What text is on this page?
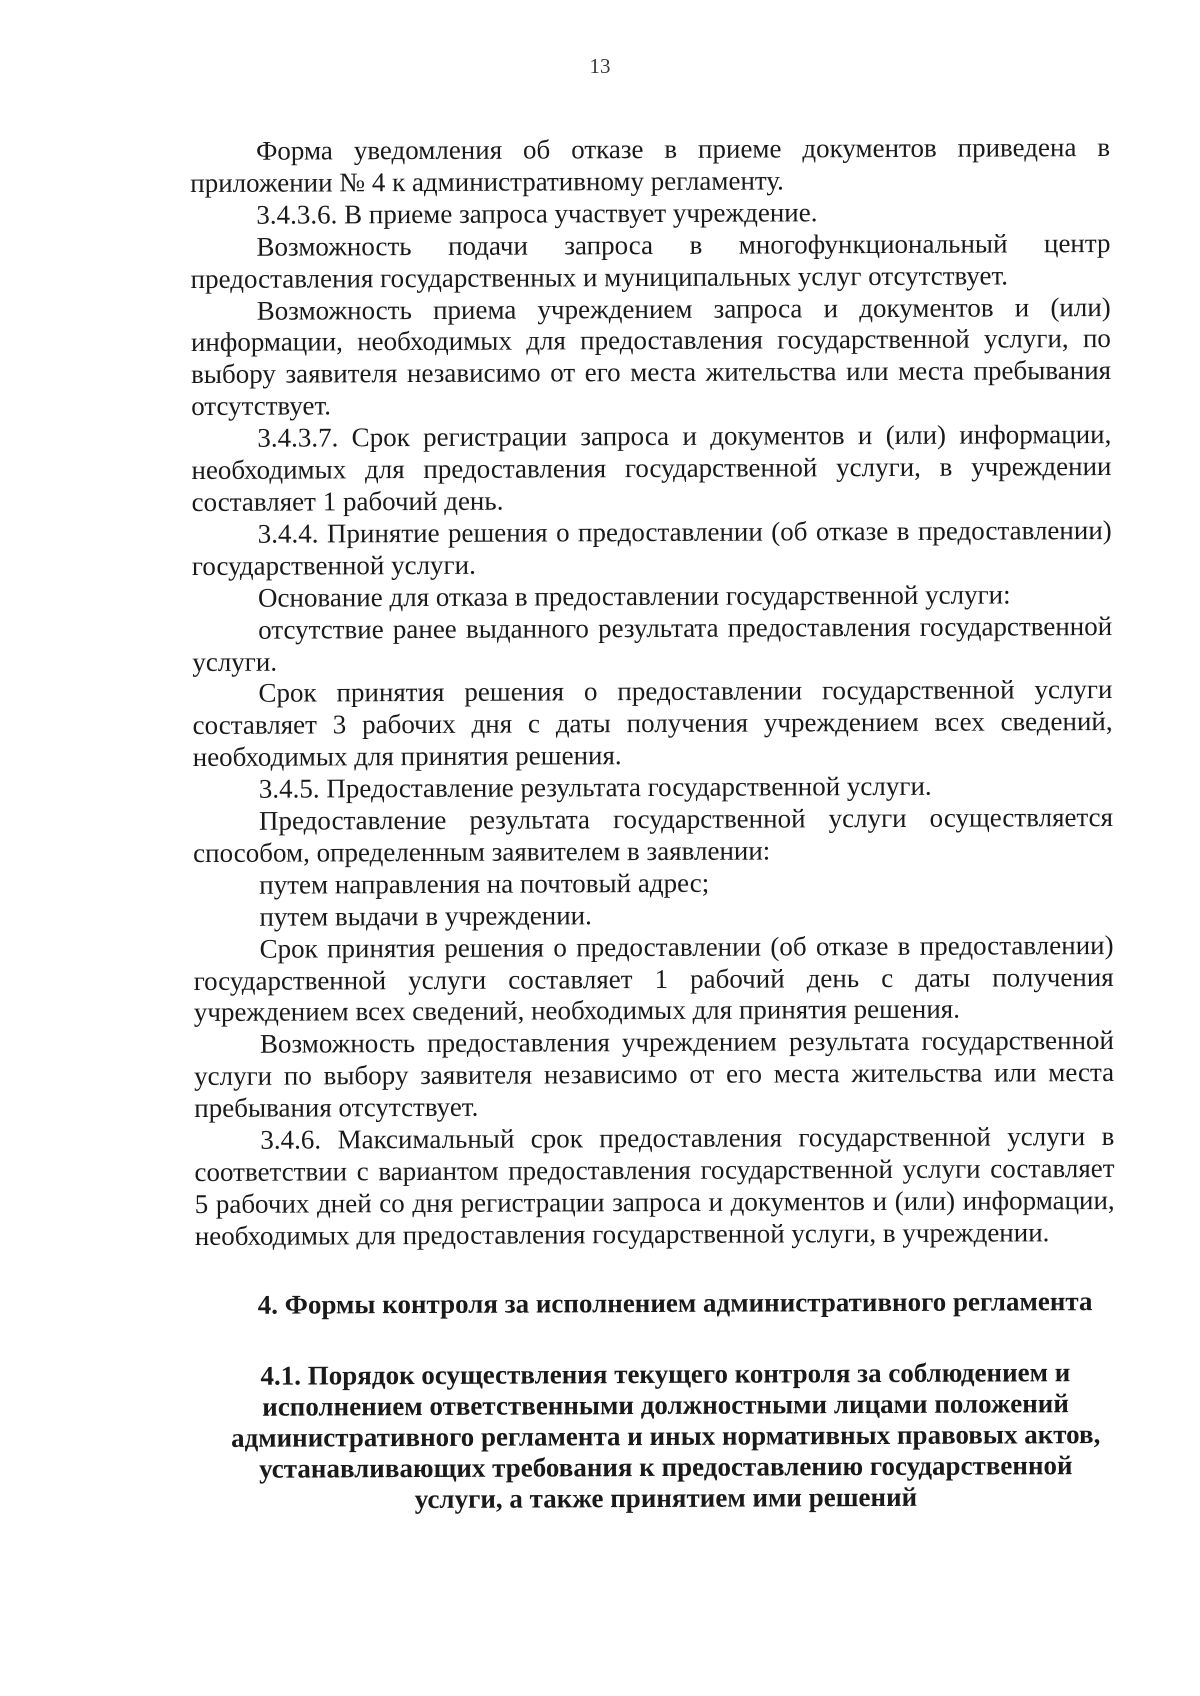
13

Форма уведомления об отказе в приеме документов приведена в приложении № 4 к административному регламенту.

3.4.3.6. В приеме запроса участвует учреждение.

Возможность подачи запроса в многофункциональный центр предоставления государственных и муниципальных услуг отсутствует.

Возможность приема учреждением запроса и документов и (или) информации, необходимых для предоставления государственной услуги, по выбору заявителя независимо от его места жительства или места пребывания отсутствует.

3.4.3.7. Срок регистрации запроса и документов и (или) информации, необходимых для предоставления государственной услуги, в учреждении составляет 1 рабочий день.

3.4.4. Принятие решения о предоставлении (об отказе в предоставлении) государственной услуги.

Основание для отказа в предоставлении государственной услуги:

отсутствие ранее выданного результата предоставления государственной услуги.

Срок принятия решения о предоставлении государственной услуги составляет 3 рабочих дня с даты получения учреждением всех сведений, необходимых для принятия решения.

3.4.5. Предоставление результата государственной услуги.

Предоставление результата государственной услуги осуществляется способом, определенным заявителем в заявлении:

путем направления на почтовый адрес;

путем выдачи в учреждении.

Срок принятия решения о предоставлении (об отказе в предоставлении) государственной услуги составляет 1 рабочий день с даты получения учреждением всех сведений, необходимых для принятия решения.

Возможность предоставления учреждением результата государственной услуги по выбору заявителя независимо от его места жительства или места пребывания отсутствует.

3.4.6. Максимальный срок предоставления государственной услуги в соответствии с вариантом предоставления государственной услуги составляет 5 рабочих дней со дня регистрации запроса и документов и (или) информации, необходимых для предоставления государственной услуги, в учреждении.

4. Формы контроля за исполнением административного регламента
4.1. Порядок осуществления текущего контроля за соблюдением и исполнением ответственными должностными лицами положений административного регламента и иных нормативных правовых актов, устанавливающих требования к предоставлению государственной услуги, а также принятием ими решений
